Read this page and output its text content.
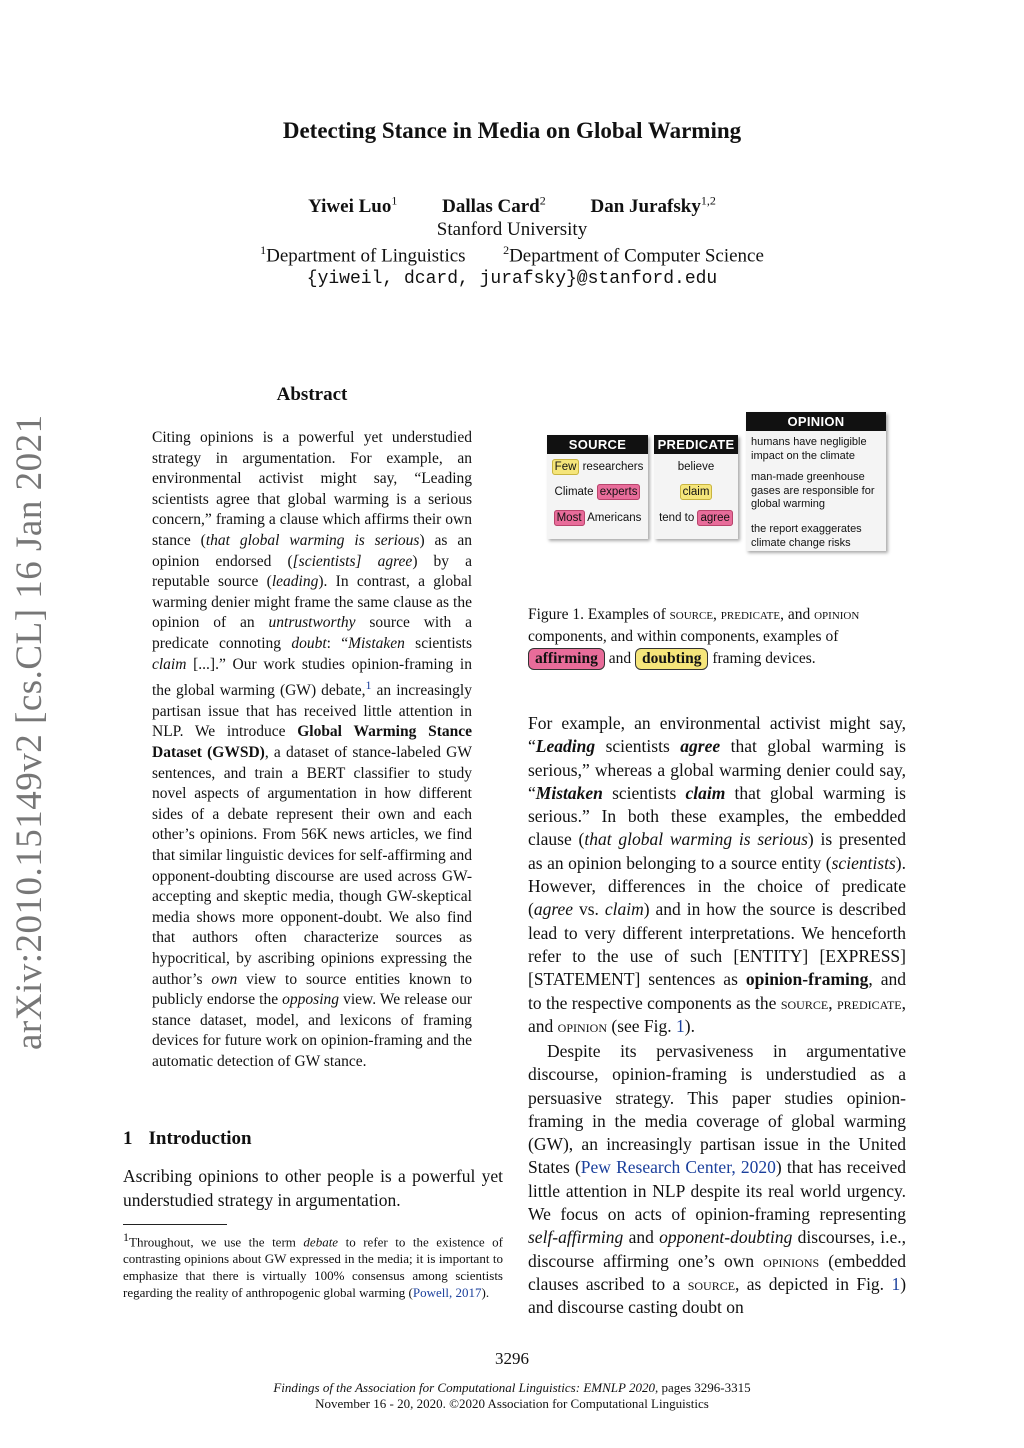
arXiv:2010.15149v2 [cs.CL] 16 Jan 2021
Detecting Stance in Media on Global Warming
Yiwei Luo$^1$ Dallas Card$^2$ Dan Jurafsky$^{1,2}$
Stanford University
$^1$Department of Linguistics	$^2$Department of Computer Science
{yiweil, dcard, jurafsky}@stanford.edu
Abstract
Citing opinions is a powerful yet understudied strategy in argumentation. For example, an environmental activist might say, “Leading scientists agree that global warming is a serious concern,” framing a clause which affirms their own stance (that global warming is serious) as an opinion endorsed ([scientists] agree) by a reputable source (leading). In contrast, a global warming denier might frame the same clause as the opinion of an untrustworthy source with a predicate connoting doubt: “Mistaken scientists claim [...].” Our work studies opinion-framing in the global warming (GW) debate,$^1$ an increasingly partisan issue that has received little attention in NLP. We introduce Global Warming Stance Dataset (GWSD), a dataset of stance-labeled GW sentences, and train a BERT classifier to study novel aspects of argumentation in how different sides of a debate represent their own and each other’s opinions. From 56K news articles, we find that similar linguistic devices for self-affirming and opponent-doubting discourse are used across GW-accepting and skeptic media, though GW-skeptical media shows more opponent-doubt. We also find that authors often characterize sources as hypocritical, by ascribing opinions expressing the author’s own view to source entities known to publicly endorse the opposing view. We release our stance dataset, model, and lexicons of framing devices for future work on opinion-framing and the automatic detection of GW stance.
1 Introduction
Ascribing opinions to other people is a powerful yet understudied strategy in argumentation.
$^1$Throughout, we use the term debate to refer to the existence of contrasting opinions about GW expressed in the media; it is important to emphasize that there is virtually 100% consensus among scientists regarding the reality of anthropogenic global warming (Powell, 2017).
SOURCE
Few researchers
Climate experts
Most Americans
PREDICATE
believe
claim
tend to agree
OPINION
humans have negligible impact on the climate
man-made greenhouse gases are responsible for global warming
the report exaggerates climate change risks
Figure 1. Examples of source, predicate, and opinion components, and within components, examples of affirming and doubting framing devices.
For example, an environmental activist might say, “Leading scientists agree that global warming is serious,” whereas a global warming denier could say, “Mistaken scientists claim that global warming is serious.” In both these examples, the embedded clause (that global warming is serious) is presented as an opinion belonging to a source entity (scientists). However, differences in the choice of predicate (agree vs. claim) and in how the source is described lead to very different interpretations. We henceforth refer to the use of such [ENTITY] [EXPRESS] [STATEMENT] sentences as opinion-framing, and to the respective components as the source, predicate, and opinion (see Fig. 1).
Despite its pervasiveness in argumentative discourse, opinion-framing is understudied as a persuasive strategy. This paper studies opinion-framing in the media coverage of global warming (GW), an increasingly partisan issue in the United States (Pew Research Center, 2020) that has received little attention in NLP despite its real world urgency. We focus on acts of opinion-framing representing self-affirming and opponent-doubting discourses, i.e., discourse affirming one’s own opinions (embedded clauses ascribed to a source, as depicted in Fig. 1) and discourse casting doubt on
3296
Findings of the Association for Computational Linguistics: EMNLP 2020, pages 3296-3315
November 16 - 20, 2020. ©2020 Association for Computational Linguistics
